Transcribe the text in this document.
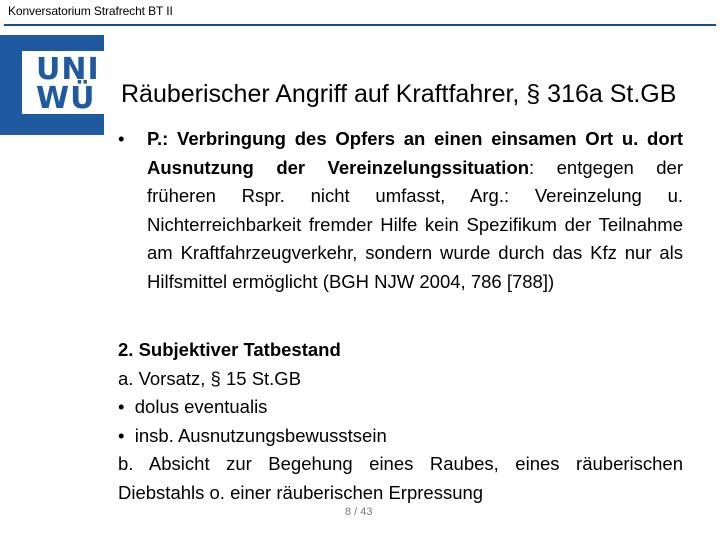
Konversatorium Strafrecht BT II
UNI
WÜ Räuberischer Angriff auf Kraftfahrer, § 316a St.GB
•	P.: Verbringung des Opfers an einen einsamen Ort u. dort Ausnutzung der Vereinzelungssituation: entgegen der früheren Rspr. nicht umfasst, Arg.: Vereinzelung u. Nichterreichbarkeit fremder Hilfe kein Spezifikum der Teilnahme am Kraftfahrzeugverkehr, sondern wurde durch das Kfz nur als Hilfsmittel ermöglicht (BGH NJW 2004, 786 [788])

2. Subjektiver Tatbestand

a. Vorsatz, § 15 St.GB

•  dolus eventualis

•  insb. Ausnutzungsbewusstsein

b. Absicht zur Begehung eines Raubes, eines räuberischen Diebstahls o. einer räuberischen Erpressung

8 / 43
